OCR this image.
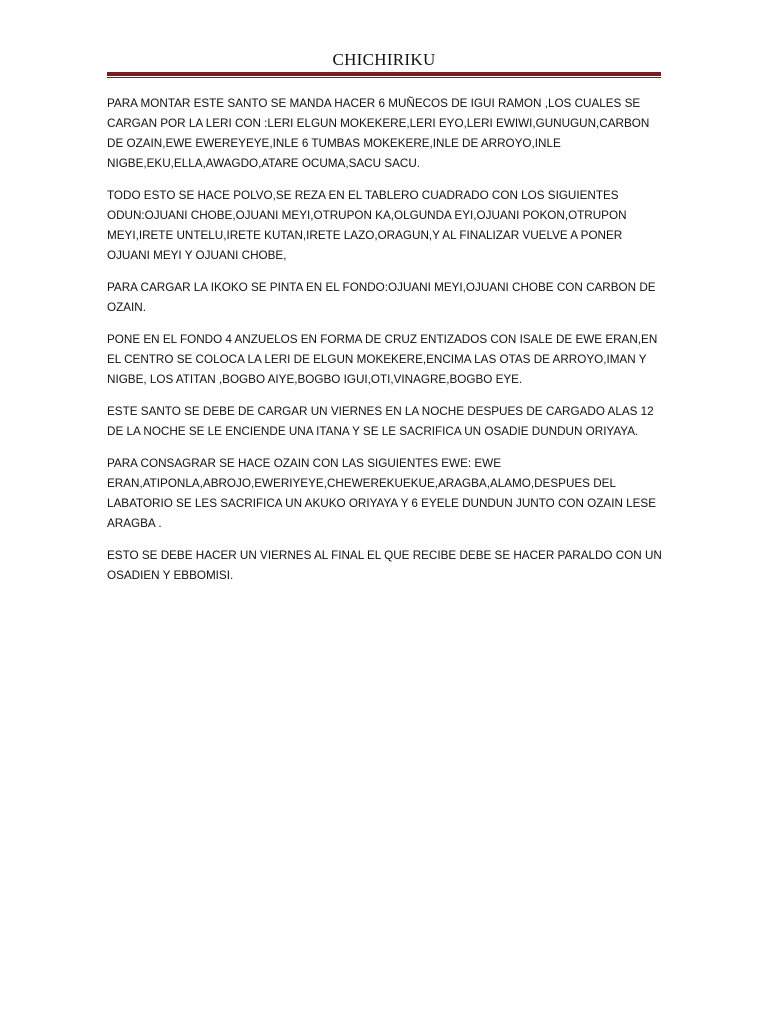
CHICHIRIKU

PARA MONTAR ESTE SANTO SE MANDA HACER 6 MUÑECOS DE IGUI RAMON ,LOS CUALES SE CARGAN POR LA LERI CON :LERI ELGUN MOKEKERE,LERI EYO,LERI EWIWI,GUNUGUN,CARBON DE OZAIN,EWE EWEREYEYE,INLE 6 TUMBAS MOKEKERE,INLE DE ARROYO,INLE NIGBE,EKU,ELLA,AWAGDO,ATARE OCUMA,SACU SACU.

TODO ESTO SE HACE POLVO,SE REZA EN EL TABLERO CUADRADO CON LOS SIGUIENTES ODUN:OJUANI CHOBE,OJUANI MEYI,OTRUPON KA,OLGUNDA EYI,OJUANI POKON,OTRUPON MEYI,IRETE UNTELU,IRETE KUTAN,IRETE LAZO,ORAGUN,Y AL FINALIZAR VUELVE A PONER OJUANI MEYI Y OJUANI CHOBE,

PARA CARGAR LA IKOKO SE PINTA EN EL FONDO:OJUANI MEYI,OJUANI CHOBE CON CARBON DE OZAIN.

PONE EN EL FONDO 4 ANZUELOS EN FORMA DE CRUZ ENTIZADOS CON ISALE DE EWE ERAN,EN EL CENTRO SE COLOCA LA LERI DE ELGUN MOKEKERE,ENCIMA LAS OTAS DE ARROYO,IMAN Y NIGBE, LOS ATITAN ,BOGBO AIYE,BOGBO IGUI,OTI,VINAGRE,BOGBO EYE.

ESTE SANTO SE DEBE DE CARGAR UN VIERNES EN LA NOCHE DESPUES DE CARGADO ALAS 12 DE LA NOCHE SE LE ENCIENDE UNA ITANA Y SE LE SACRIFICA UN OSADIE DUNDUN ORIYAYA.

PARA CONSAGRAR SE HACE OZAIN CON LAS SIGUIENTES EWE: EWE ERAN,ATIPONLA,ABROJO,EWERIYEYE,CHEWEREKUEKUE,ARAGBA,ALAMO,DESPUES DEL LABATORIO SE LES SACRIFICA UN AKUKO ORIYAYA Y 6 EYELE DUNDUN JUNTO CON OZAIN LESE ARAGBA .

ESTO SE DEBE HACER UN VIERNES AL FINAL EL QUE RECIBE DEBE SE HACER PARALDO CON UN OSADIEN Y EBBOMISI.
